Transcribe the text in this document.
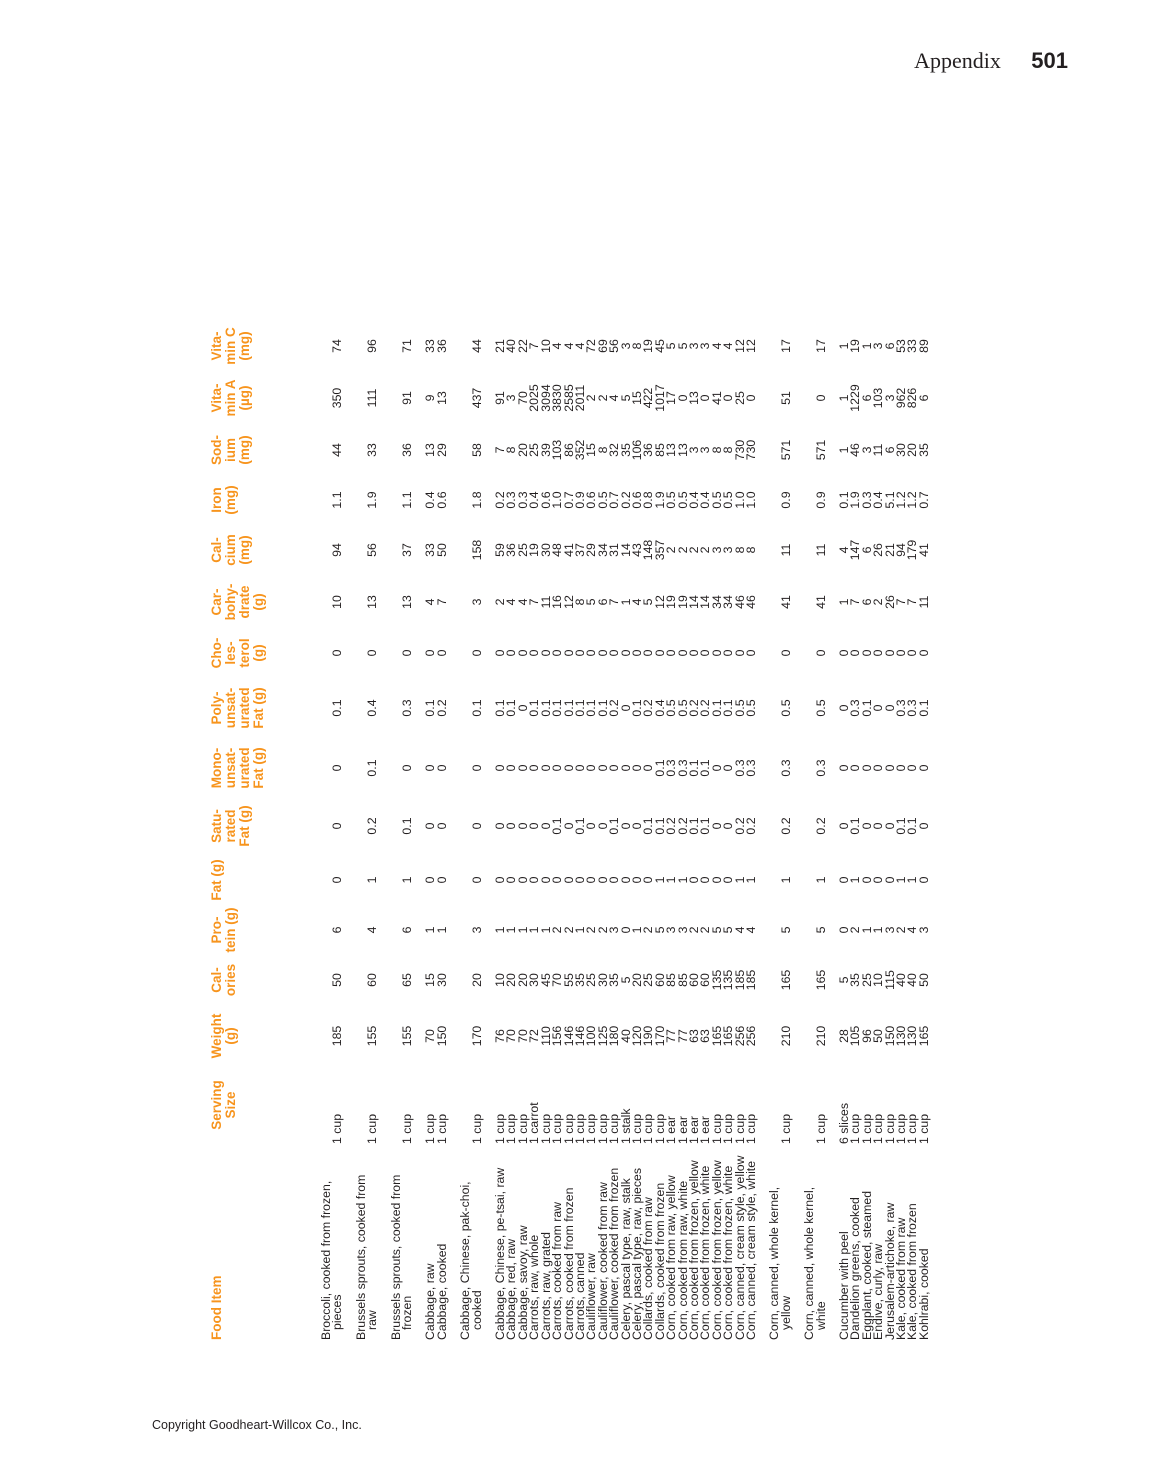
Appendix 501
Food Item	Serving Size	Weight (g)	Cal- ories	Pro- tein (g)	Fat (g)	Satu- rated Fat (g)	Mono- unsat- urated Fat (g)	Poly- unsat- urated Fat (g)	Cho- les- terol (g)	Car- bohy- drate (g)	Cal- cium (mg)	Iron (mg)	Sod- ium (mg)	Vita- min A (µg)	Vita- min C (mg)
Broccoli, cooked from frozen,
pieces	1 cup	185	50	6	0	0	0	0.1	0	10	94	1.1	44	350	74
Brussels sprouts, cooked from
raw	1 cup	155	60	4	1	0.2	0.1	0.4	0	13	56	1.9	33	111	96
Brussels sprouts, cooked from
frozen	1 cup	155	65	6	1	0.1	0	0.3	0	13	37	1.1	36	91	71
Cabbage, raw	1 cup	70	15	1	0	0	0	0.1	0	4	33	0.4	13	9	33
Cabbage, cooked	1 cup	150	30	1	0	0	0	0.2	0	7	50	0.6	29	13	36
Cabbage, Chinese, pak-choi,
cooked	1 cup	170	20	3	0	0	0	0.1	0	3	158	1.8	58	437	44
Cabbage, Chinese, pe-tsai, raw	1 cup	76	10	1	0	0	0	0.1	0	2	59	0.2	7	91	21
Cabbage, red, raw	1 cup	70	20	1	0	0	0	0.1	0	4	36	0.3	8	3	40
Cabbage, savoy, raw	1 cup	70	20	1	0	0	0	0	0	4	25	0.3	20	70	22
Carrots, raw, whole	1 carrot	72	30	1	0	0	0	0.1	0	7	19	0.4	25	2025	7
Carrots, raw, grated	1 cup	110	45	1	0	0	0	0.1	0	11	30	0.6	39	3094	10
Carrots, cooked from raw	1 cup	156	70	2	0	0.1	0	0.1	0	16	48	1.0	103	3830	4
Carrots, cooked from frozen	1 cup	146	55	2	0	0	0	0.1	0	12	41	0.7	86	2585	4
Carrots, canned	1 cup	146	35	1	0	0.1	0	0.1	0	8	37	0.9	352	2011	4
Cauliflower, raw	1 cup	100	25	2	0	0	0	0.1	0	5	29	0.6	15	2	72
Cauliflower, cooked from raw	1 cup	125	30	2	0	0	0	0.1	0	6	34	0.5	8	2	69
Cauliflower, cooked from frozen	1 cup	180	35	3	0	0.1	0	0.2	0	7	31	0.7	32	4	56
Celery, pascal type, raw, stalk	1 stalk	40	5	0	0	0	0	0	0	1	14	0.2	35	5	3
Celery, pascal type, raw, pieces	1 cup	120	20	1	0	0	0	0.1	0	4	43	0.6	106	15	8
Collards, cooked from raw	1 cup	190	25	2	0	0.1	0	0.2	0	5	148	0.8	36	422	19
Collards, cooked from frozen	1 cup	170	60	5	1	0.1	0.1	0.4	0	12	357	1.9	85	1017	45
Corn, cooked from raw, yellow	1 ear	77	85	3	1	0.2	0.3	0.5	0	19	2	0.5	13	17	5
Corn, cooked from raw, white	1 ear	77	85	3	1	0.2	0.3	0.5	0	19	2	0.5	13	0	5
Corn, cooked from frozen, yellow	1 ear	63	60	2	0	0.1	0.1	0.2	0	14	2	0.4	3	13	3
Corn, cooked from frozen, white	1 ear	63	60	2	0	0.1	0.1	0.2	0	14	2	0.4	3	0	3
Corn, cooked from frozen, yellow	1 cup	165	135	5	0	0	0	0.1	0	34	3	0.5	8	41	4
Corn, cooked from frozen, white	1 cup	165	135	5	0	0	0	0.1	0	34	3	0.5	8	0	4
Corn, canned, cream style, yellow	1 cup	256	185	4	1	0.2	0.3	0.5	0	46	8	1.0	730	25	12
Corn, canned, cream style, white	1 cup	256	185	4	1	0.2	0.3	0.5	0	46	8	1.0	730	0	12
Corn, canned, whole kernel,
yellow	1 cup	210	165	5	1	0.2	0.3	0.5	0	41	11	0.9	571	51	17
Corn, canned, whole kernel,
white	1 cup	210	165	5	1	0.2	0.3	0.5	0	41	11	0.9	571	0	17
Cucumber with peel	6 slices	28	5	0	0	0	0	0	0	1	4	0.1	1	1	1
Dandelion greens, cooked	1 cup	105	35	2	1	0.1	0	0.3	0	7	147	1.9	46	1229	19
Eggplant, cooked, steamed	1 cup	96	25	1	0	0	0	0.1	0	6	6	0.3	3	6	1
Endive, curly, raw	1 cup	50	10	1	0	0	0	0	0	2	26	0.4	11	103	3
Jerusalem-artichoke, raw	1 cup	150	115	3	0	0	0	0	0	26	21	5.1	6	3	6
Kale, cooked from raw	1 cup	130	40	2	1	0.1	0	0.3	0	7	94	1.2	30	962	53
Kale, cooked from frozen	1 cup	130	40	4	1	0.1	0	0.3	0	7	179	1.2	20	826	33
Kohlrabi, cooked	1 cup	165	50	3	0	0	0	0.1	0	11	41	0.7	35	6	89
Copyright Goodheart-Willcox Co., Inc.
